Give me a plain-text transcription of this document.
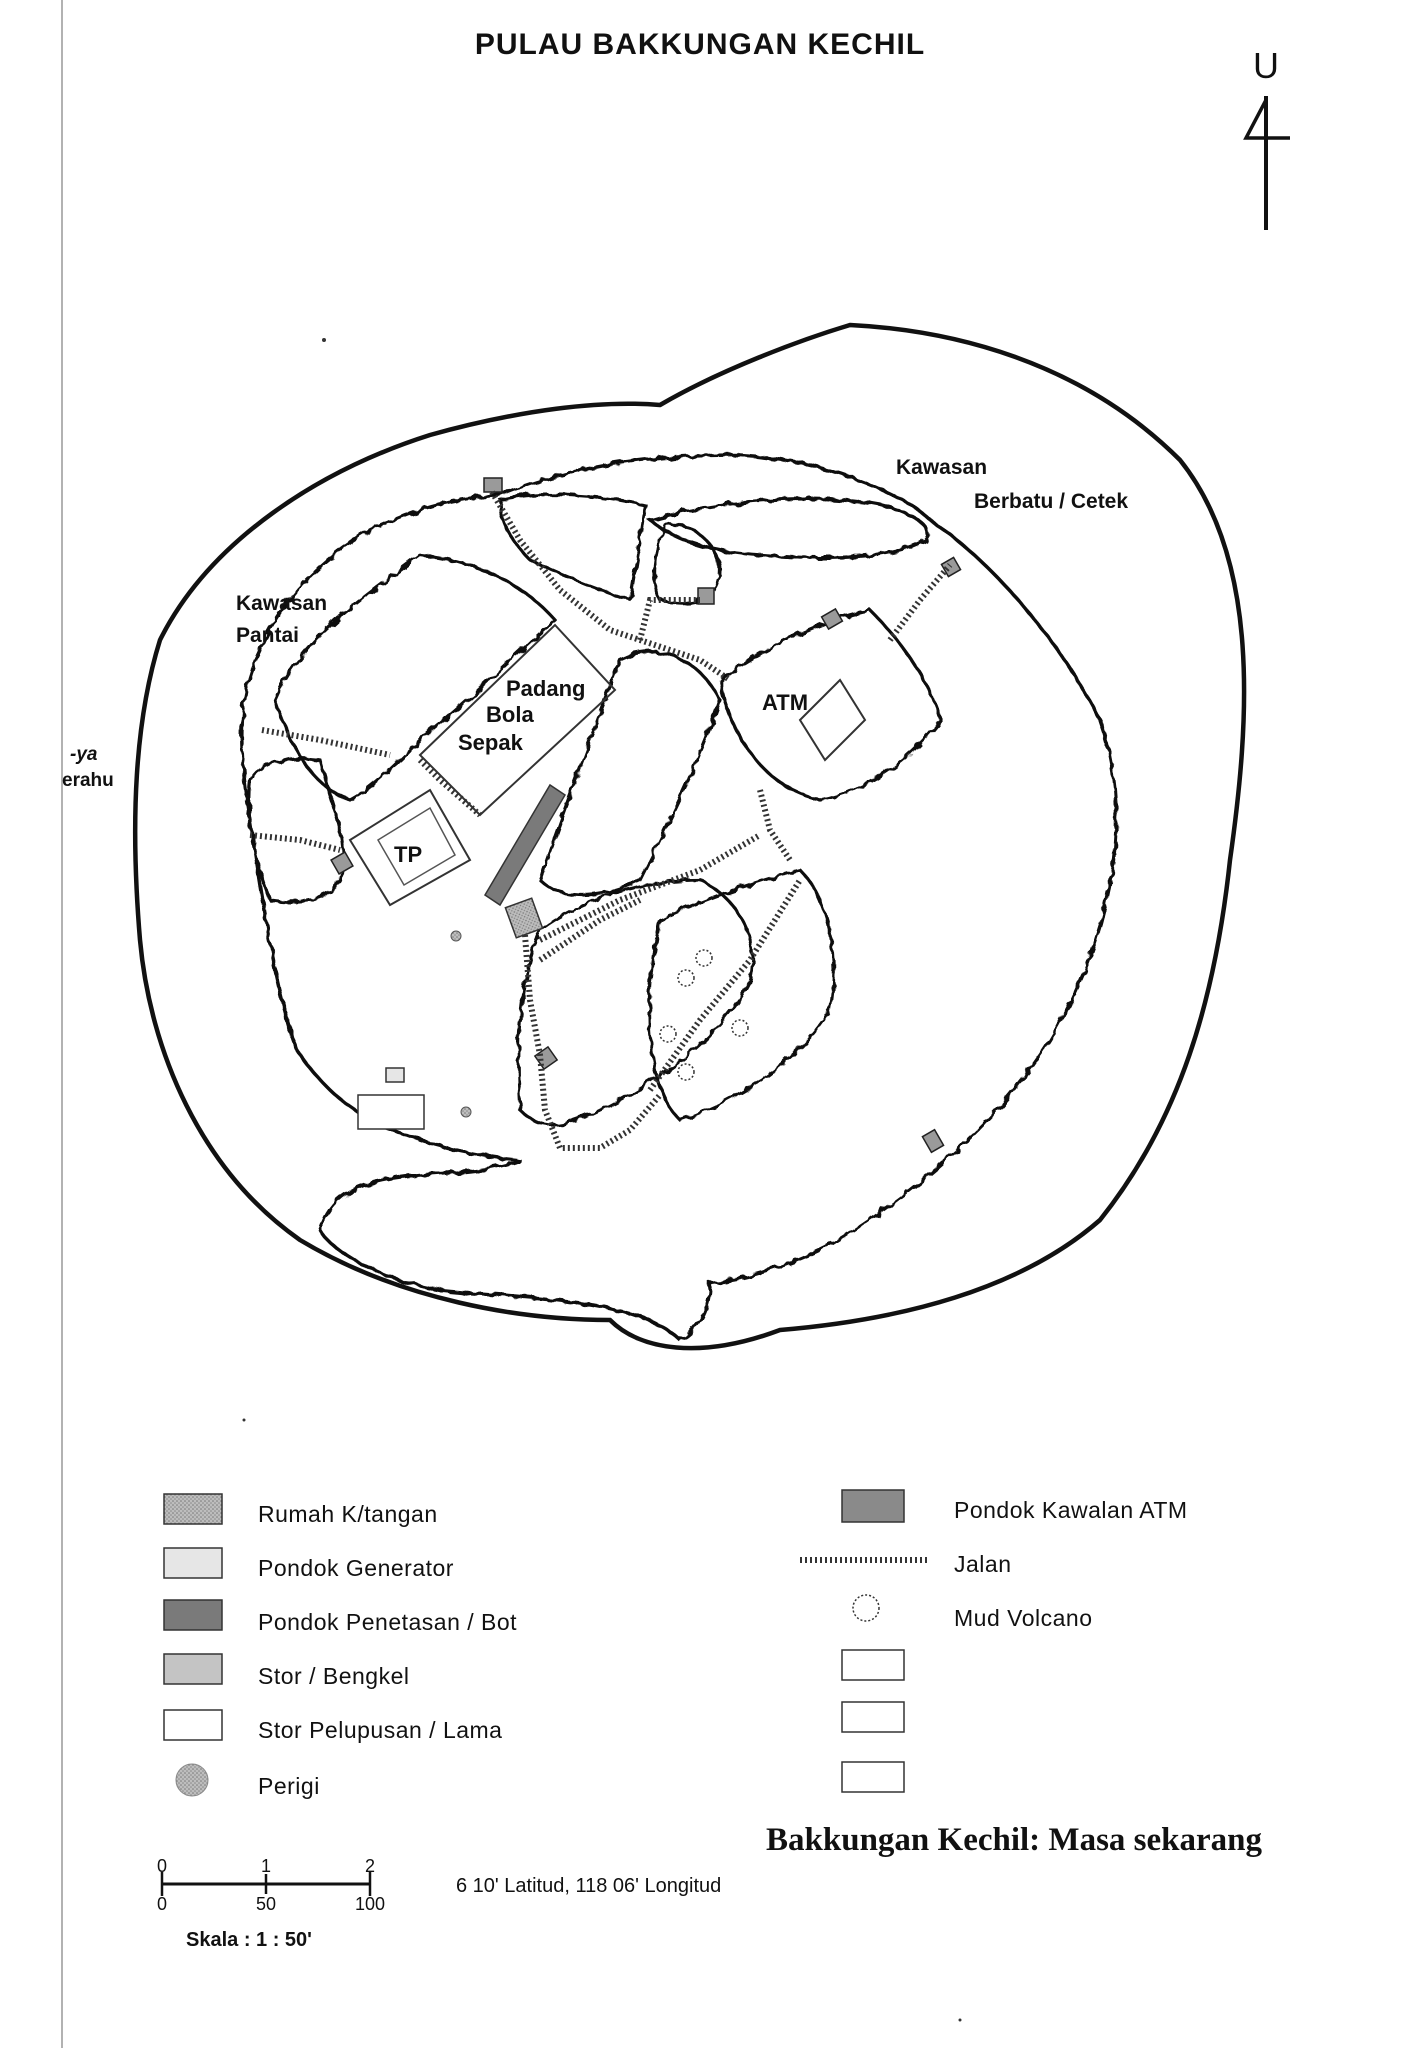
PULAU BAKKUNGAN KECHIL
U
Kawasan
Pantai
Kawasan
Berbatu / Cetek
Padang
Bola
Sepak
ATM
TP
-ya
erahu
Rumah K/tangan
Pondok Generator
Pondok Penetasan / Bot
Stor / Bengkel
Stor Pelupusan / Lama
Perigi
Pondok Kawalan ATM
Jalan
Mud Volcano
Bakkungan Kechil: Masa sekarang
6 10' Latitud, 118 06' Longitud
0	1	2
0	50	100
Skala : 1 : 50'
